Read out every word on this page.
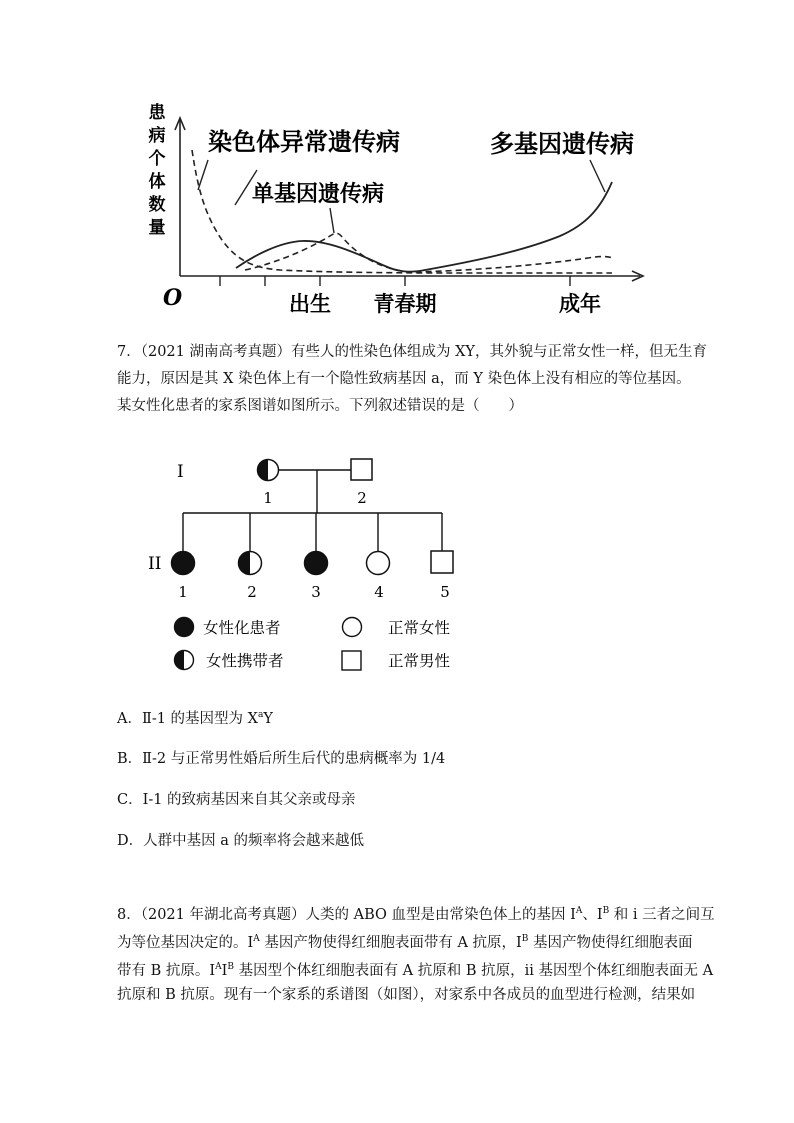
患病个体数量
O	出生 青春期	成年
染色体异常遗传病
单基因遗传病
多基因遗传病
7．（2021 湖南高考真题）有些人的性染色体组成为 XY，其外貌与正常女性一样，但无生育
能力，原因是其 X 染色体上有一个隐性致病基因 a，而 Y 染色体上没有相应的等位基因。
某女性化患者的家系图谱如图所示。下列叙述错误的是（　　）
I
II
1	2
1	2	3	4	5
女性化患者	正常女性
女性携带者	正常男性
A．Ⅱ-1 的基因型为 $X^aY$
B．Ⅱ-2 与正常男性婚后所生后代的患病概率为 1/4
C．I-1 的致病基因来自其父亲或母亲
D．人群中基因 a 的频率将会越来越低
8．（2021 年湖北高考真题）人类的 ABO 血型是由常染色体上的基因 $I^A$、$I^B$ 和 i 三者之间互
为等位基因决定的。$I^A$ 基因产物使得红细胞表面带有 A 抗原，$I^B$ 基因产物使得红细胞表面
带有 B 抗原。$I^AI^B$ 基因型个体红细胞表面有 A 抗原和 B 抗原，ii 基因型个体红细胞表面无 A
抗原和 B 抗原。现有一个家系的系谱图（如图），对家系中各成员的血型进行检测，结果如
